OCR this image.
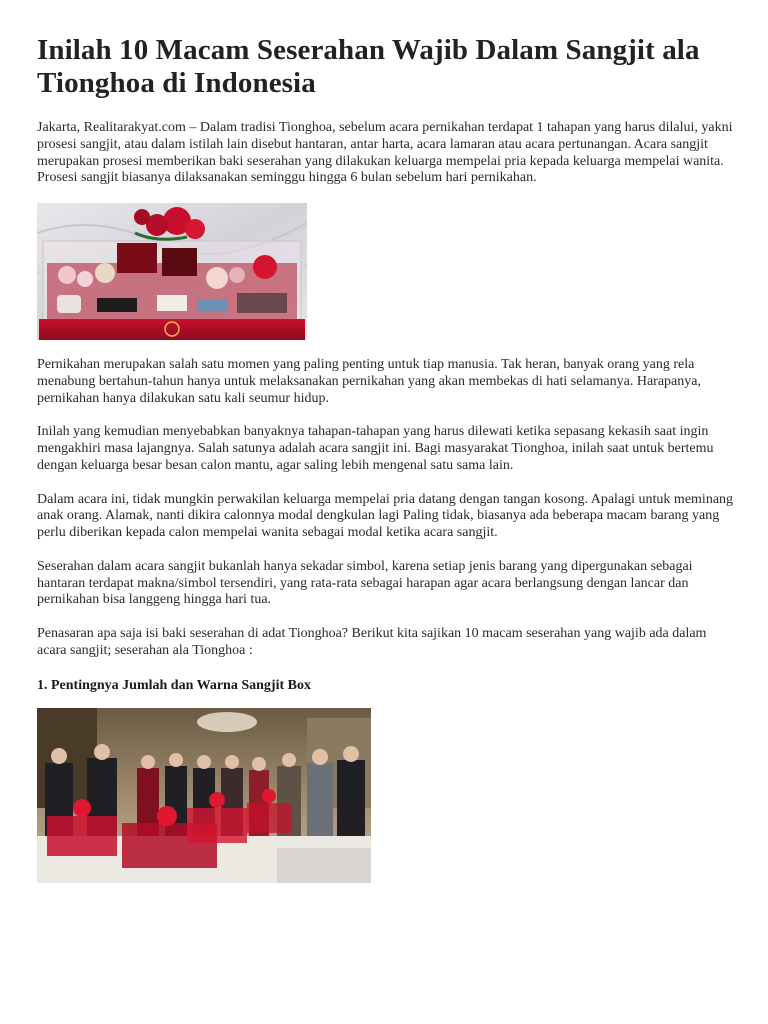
Inilah 10 Macam Seserahan Wajib Dalam Sangjit ala Tionghoa di Indonesia

Jakarta, Realitarakyat.com – Dalam tradisi Tionghoa, sebelum acara pernikahan terdapat 1 tahapan yang harus dilalui, yakni prosesi sangjit, atau dalam istilah lain disebut hantaran, antar harta, acara lamaran atau acara pertunangan. Acara sangjit merupakan prosesi memberikan baki seserahan yang dilakukan keluarga mempelai pria kepada keluarga mempelai wanita. Prosesi sangjit biasanya dilaksanakan seminggu hingga 6 bulan sebelum hari pernikahan.

Pernikahan merupakan salah satu momen yang paling penting untuk tiap manusia. Tak heran, banyak orang yang rela menabung bertahun-tahun hanya untuk melaksanakan pernikahan yang akan membekas di hati selamanya. Harapanya, pernikahan hanya dilakukan satu kali seumur hidup.

Inilah yang kemudian menyebabkan banyaknya tahapan-tahapan yang harus dilewati ketika sepasang kekasih saat ingin mengakhiri masa lajangnya. Salah satunya adalah acara sangjit ini. Bagi masyarakat Tionghoa, inilah saat untuk bertemu dengan keluarga besar besan calon mantu, agar saling lebih mengenal satu sama lain.

Dalam acara ini, tidak mungkin perwakilan keluarga mempelai pria datang dengan tangan kosong. Apalagi untuk meminang anak orang. Alamak, nanti dikira calonnya modal dengkulan lagi Paling tidak, biasanya ada beberapa macam barang yang perlu diberikan kepada calon mempelai wanita sebagai modal ketika acara sangjit.

Seserahan dalam acara sangjit bukanlah hanya sekadar simbol, karena setiap jenis barang yang dipergunakan sebagai hantaran terdapat makna/simbol tersendiri, yang rata-rata sebagai harapan agar acara berlangsung dengan lancar dan pernikahan bisa langgeng hingga hari tua.

Penasaran apa saja isi baki seserahan di adat Tionghoa? Berikut kita sajikan 10 macam seserahan yang wajib ada dalam acara sangjit; seserahan ala Tionghoa :

1. Pentingnya Jumlah dan Warna Sangjit Box
